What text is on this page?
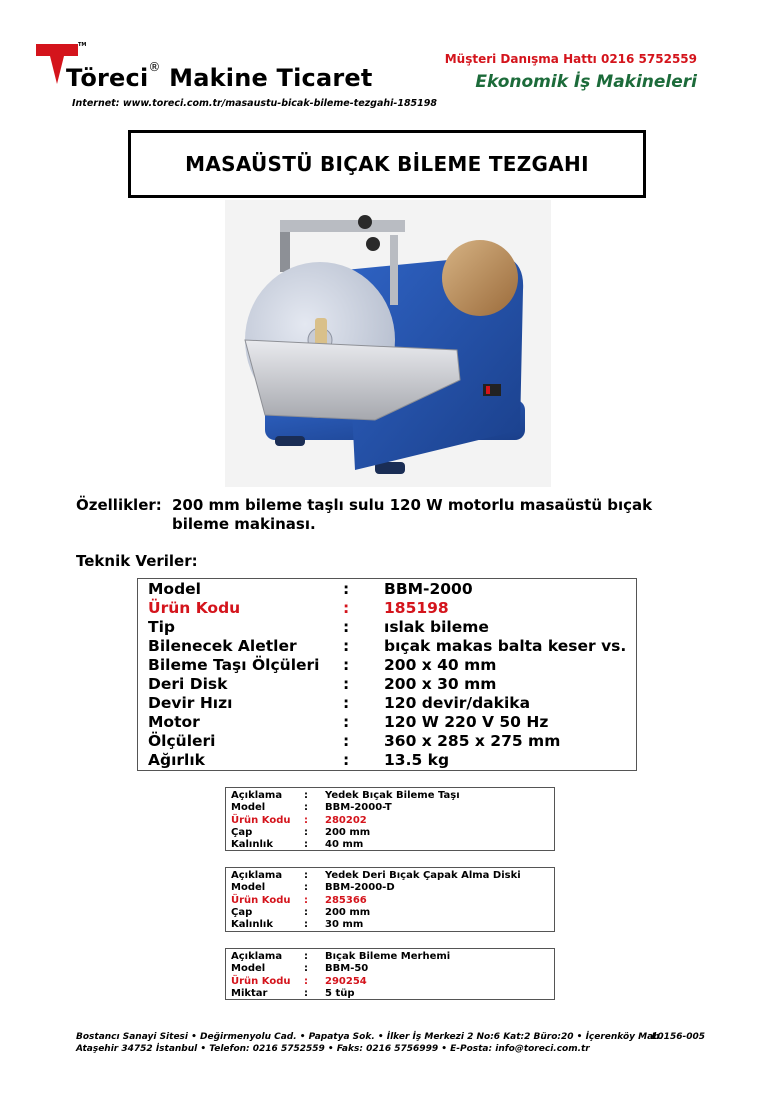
TM
Töreci® Makine Ticaret
Internet: www.toreci.com.tr/masaustu-bicak-bileme-tezgahi-185198
Müşteri Danışma Hattı 0216 5752559
Ekonomik İş Makineleri
MASAÜSTÜ BIÇAK BİLEME TEZGAHI
Özellikler: 200 mm bileme taşlı sulu 120 W motorlu masaüstü bıçak bileme makinası.
Teknik Veriler:
Model	: BBM-2000
Ürün Kodu	: 185198
Tip	: ıslak bileme
Bilenecek Aletler	: bıçak makas balta keser vs.
Bileme Taşı Ölçüleri : 200 x 40 mm
Deri Disk	: 200 x 30 mm
Devir Hızı	: 120 devir/dakika
Motor	: 120 W 220 V 50 Hz
Ölçüleri	: 360 x 285 x 275 mm
Ağırlık	: 13.5 kg
Açıklama : Yedek Bıçak Bileme Taşı
Model	: BBM-2000-T
Ürün Kodu : 280202
Çap	: 200 mm
Kalınlık	: 40 mm
Açıklama : Yedek Deri Bıçak Çapak Alma Diski
Model	: BBM-2000-D
Ürün Kodu : 285366
Çap	: 200 mm
Kalınlık	: 30 mm
Açıklama : Bıçak Bileme Merhemi
Model	: BBM-50
Ürün Kodu : 290254
Miktar	: 5 tüp
Bostancı Sanayi Sitesi • Değirmenyolu Cad. • Papatya Sok. • İlker İş Merkezi 2 No:6 Kat:2 Büro:20 • İçerenköy Mah.
Ataşehir 34752 İstanbul • Telefon: 0216 5752559 • Faks: 0216 5756999 • E-Posta: info@toreci.com.tr
L0156-005
